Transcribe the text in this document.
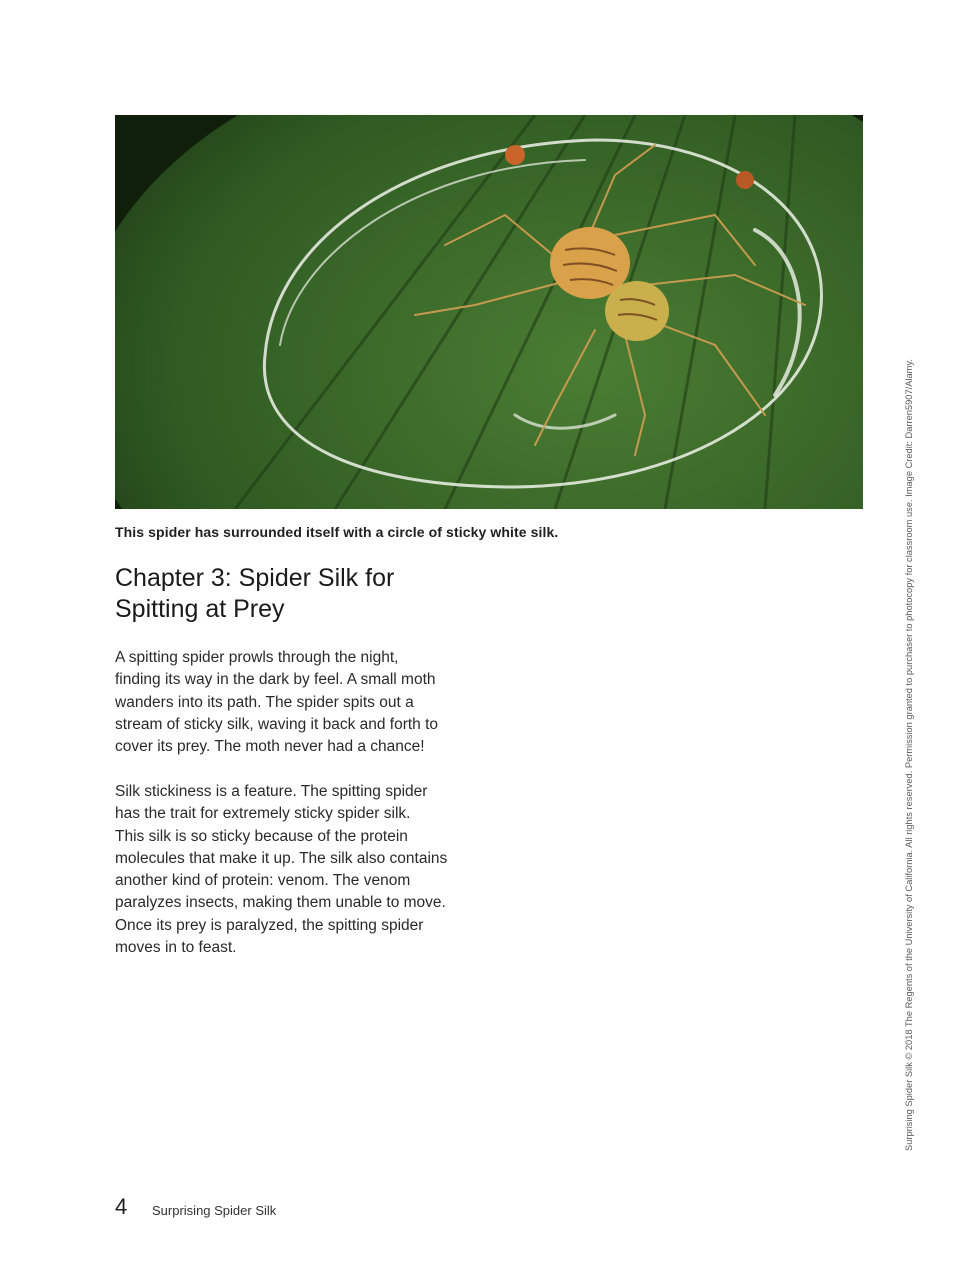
This spider has surrounded itself with a circle of sticky white silk.
Chapter 3: Spider Silk for
Spitting at Prey

A spitting spider prowls through the night,
finding its way in the dark by feel. A small moth
wanders into its path. The spider spits out a
stream of sticky silk, waving it back and forth to
cover its prey. The moth never had a chance!

Silk stickiness is a feature. The spitting spider
has the trait for extremely sticky spider silk.
This silk is so sticky because of the protein
molecules that make it up. The silk also contains
another kind of protein: venom. The venom
paralyzes insects, making them unable to move.
Once its prey is paralyzed, the spitting spider
moves in to feast.	Surprising Spider Silk © 2018 The Regents of the University of California. All rights reserved. Permission granted to purchaser to photocopy for classroom use. Image Credit: Darren5907/Alamy.
4 Surprising Spider Silk
